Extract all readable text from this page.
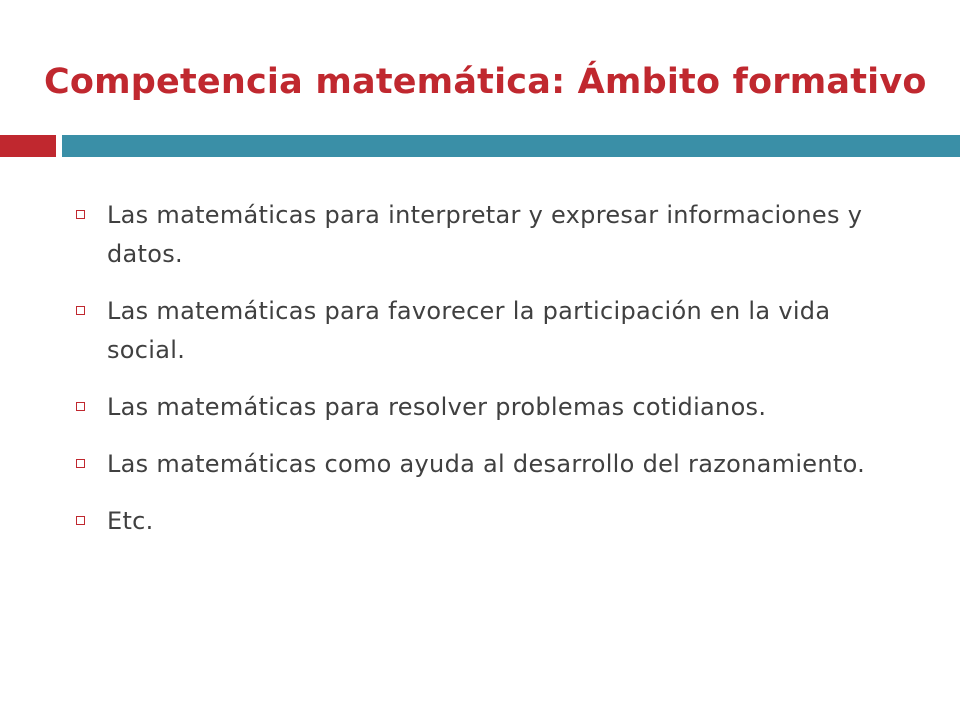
Competencia matemática: Ámbito formativo
Las matemáticas para interpretar y expresar informaciones y datos.
Las matemáticas para favorecer la participación en la vida social.
Las matemáticas para resolver problemas cotidianos.
Las matemáticas como ayuda al desarrollo del razonamiento.
Etc.
